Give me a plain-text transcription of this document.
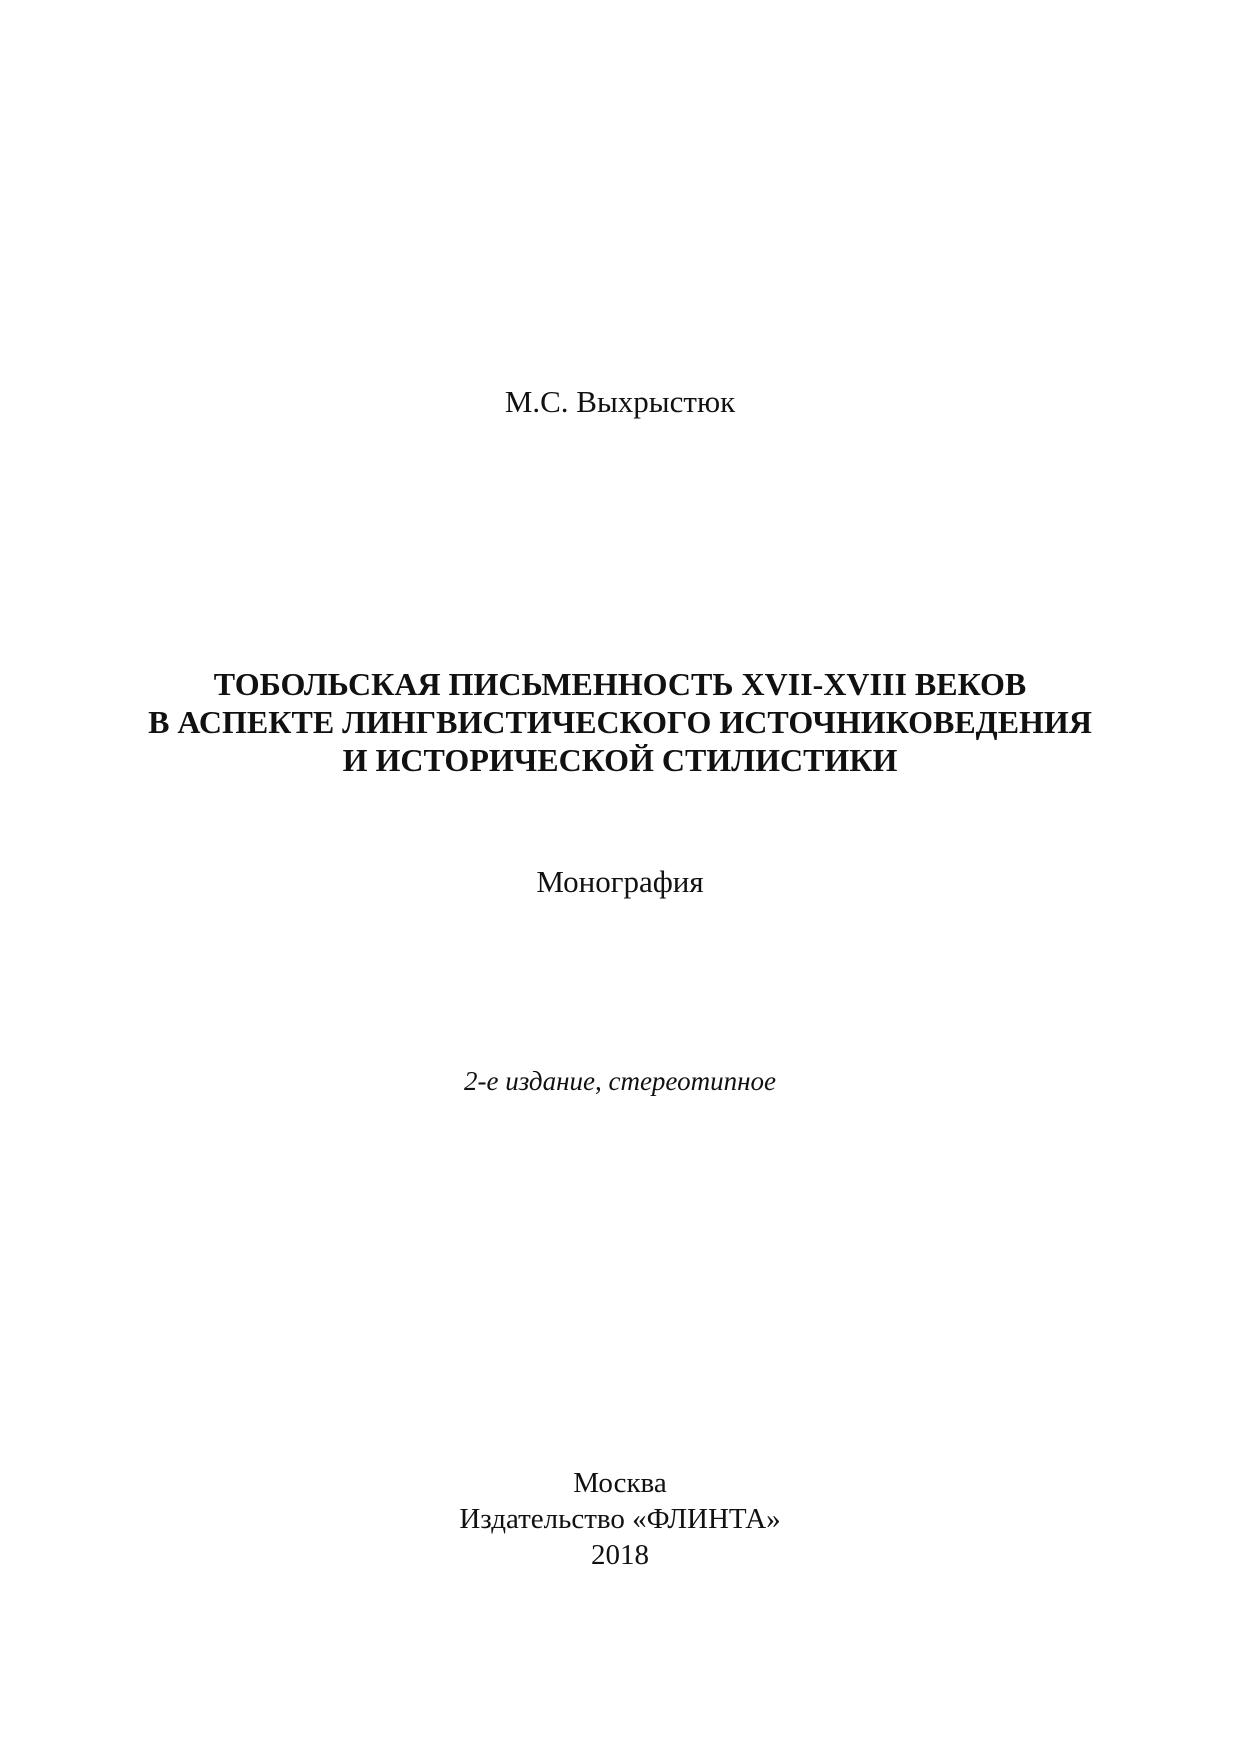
М.С. Выхрыстюк
ТОБОЛЬСКАЯ ПИСЬМЕННОСТЬ XVII-XVIII ВЕКОВ
В АСПЕКТЕ ЛИНГВИСТИЧЕСКОГО ИСТОЧНИКОВЕДЕНИЯ
И ИСТОРИЧЕСКОЙ СТИЛИСТИКИ
Монография
2-е издание, стереотипное
Москва
Издательство «ФЛИНТА»
2018
